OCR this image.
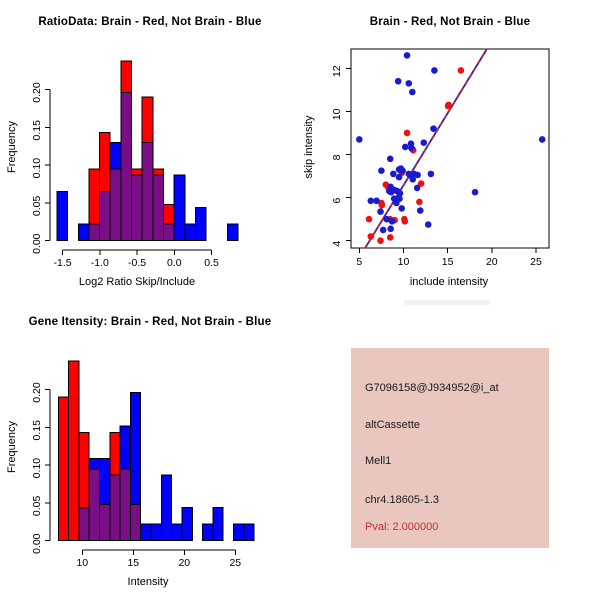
RatioData: Brain - Red, Not Brain - Blue
Frequency
Log2 Ratio Skip/Include
-1.5 -1.0 -0.5 0.0 0.5
0.00
0.05
0.10
0.15
0.20
Brain - Red, Not Brain - Blue
skip intensity
include intensity
5	10	15	20	25
4
6
8
10
12
Gene Itensity: Brain - Red, Not Brain - Blue
Frequency
Intensity
10	15	20	25
0.00
0.05
0.10
0.15
0.20	G7096158@J934952@i_at
altCassette
Mell1
chr4.18605-1.3
Pval: 2.000000
